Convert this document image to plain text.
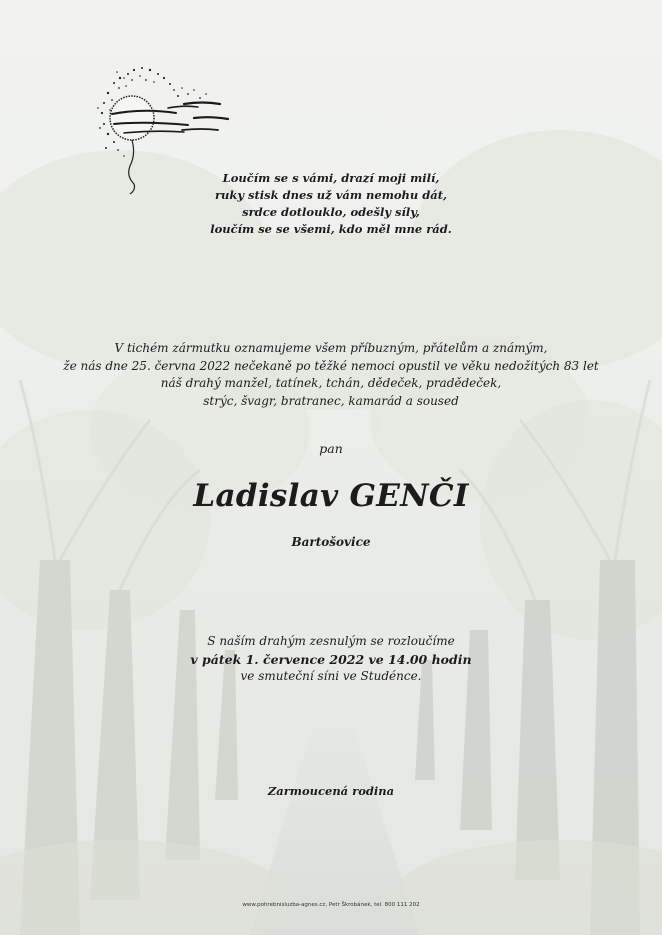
Loučím se s vámi, drazí moji milí,
ruky stisk dnes už vám nemohu dát,
srdce dotlouklo, odešly síly,
loučím se se všemi, kdo měl mne rád.
V tichém zármutku oznamujeme všem příbuzným, přátelům a známým,
že nás dne 25. června 2022 nečekaně po těžké nemoci opustil ve věku nedožitých 83 let
náš drahý manžel, tatínek, tchán, dědeček, pradědeček,
strýc, švagr, bratranec, kamarád a soused
pan
Ladislav GENČI
Bartošovice
S naším drahým zesnulým se rozloučíme
v pátek 1. července 2022 ve 14.00 hodin
ve smuteční síni ve Studénce.
Zarmoucená rodina
www.pohrebnisluzba-agnes.cz, Petr Škrobánek, tel. 800 111 202
